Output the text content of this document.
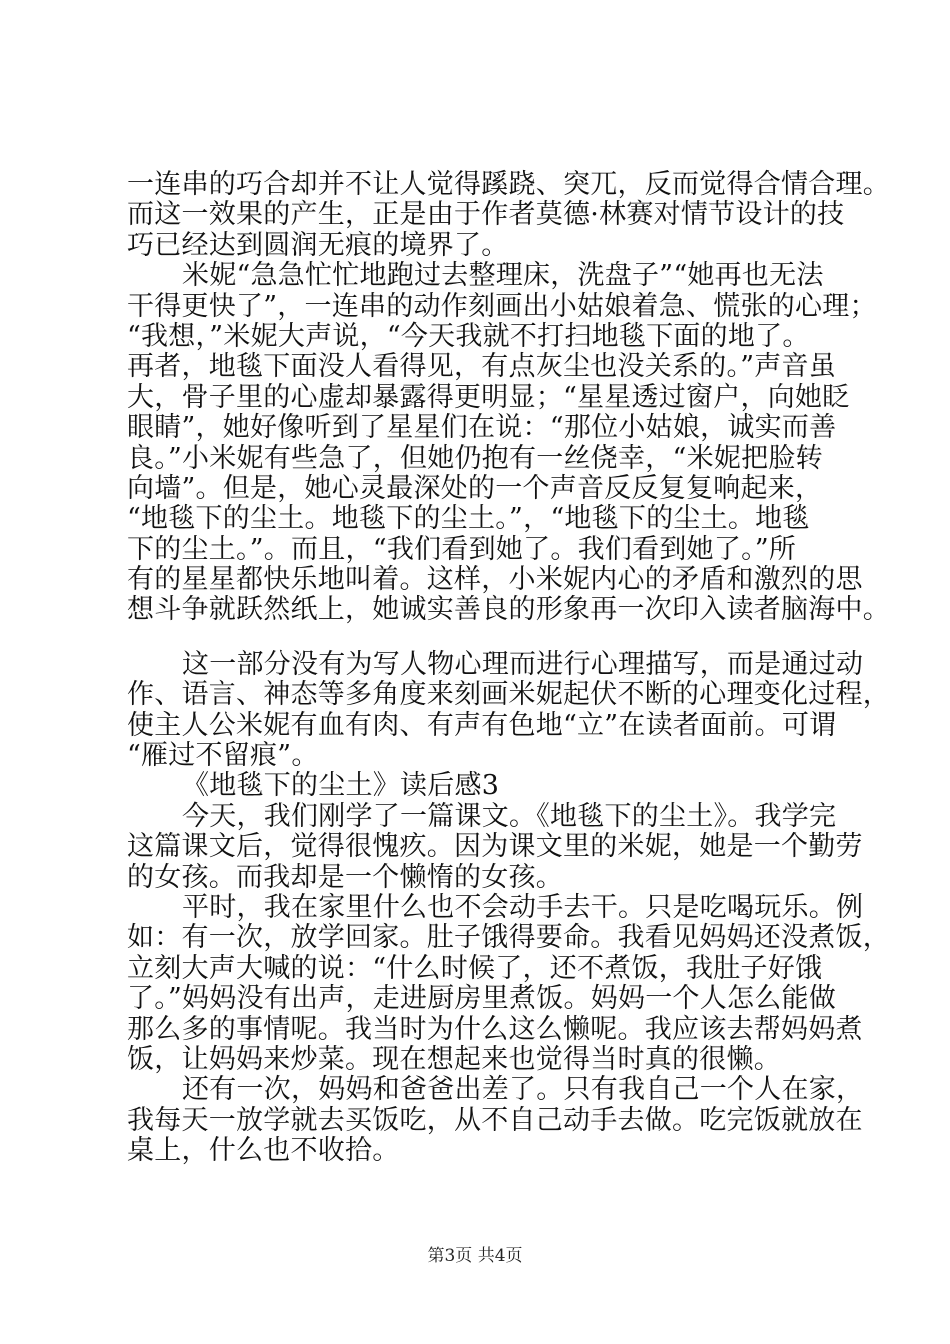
一连串的巧合却并不让人觉得蹊跷、突兀，反而觉得合情合理。
而这一效果的产生，正是由于作者莫德·林赛对情节设计的技
巧已经达到圆润无痕的境界了。
米妮“急急忙忙地跑过去整理床，洗盘子”“她再也无法
干得更快了”，一连串的动作刻画出小姑娘着急、慌张的心理；
“我想，”米妮大声说，“今天我就不打扫地毯下面的地了。
再者，地毯下面没人看得见，有点灰尘也没关系的。”声音虽
大，骨子里的心虚却暴露得更明显；“星星透过窗户，向她眨
眼睛”，她好像听到了星星们在说：“那位小姑娘，诚实而善
良。”小米妮有些急了，但她仍抱有一丝侥幸，“米妮把脸转
向墙”。但是，她心灵最深处的一个声音反反复复响起来，
“地毯下的尘土。地毯下的尘土。”，“地毯下的尘土。地毯
下的尘土。”。而且，“我们看到她了。我们看到她了。”所
有的星星都快乐地叫着。这样，小米妮内心的矛盾和激烈的思
想斗争就跃然纸上，她诚实善良的形象再一次印入读者脑海中。
这一部分没有为写人物心理而进行心理描写，而是通过动
作、语言、神态等多角度来刻画米妮起伏不断的心理变化过程，
使主人公米妮有血有肉、有声有色地“立”在读者面前。可谓
“雁过不留痕”。
《地毯下的尘土》读后感3
今天，我们刚学了一篇课文。《地毯下的尘土》。我学完
这篇课文后，觉得很愧疚。因为课文里的米妮，她是一个勤劳
的女孩。而我却是一个懒惰的女孩。
平时，我在家里什么也不会动手去干。只是吃喝玩乐。例
如：有一次，放学回家。肚子饿得要命。我看见妈妈还没煮饭，
立刻大声大喊的说：“什么时候了，还不煮饭，我肚子好饿
了。”妈妈没有出声，走进厨房里煮饭。妈妈一个人怎么能做
那么多的事情呢。我当时为什么这么懒呢。我应该去帮妈妈煮
饭，让妈妈来炒菜。现在想起来也觉得当时真的很懒。
还有一次，妈妈和爸爸出差了。只有我自己一个人在家，
我每天一放学就去买饭吃，从不自己动手去做。吃完饭就放在
桌上，什么也不收拾。
第3页 共4页
